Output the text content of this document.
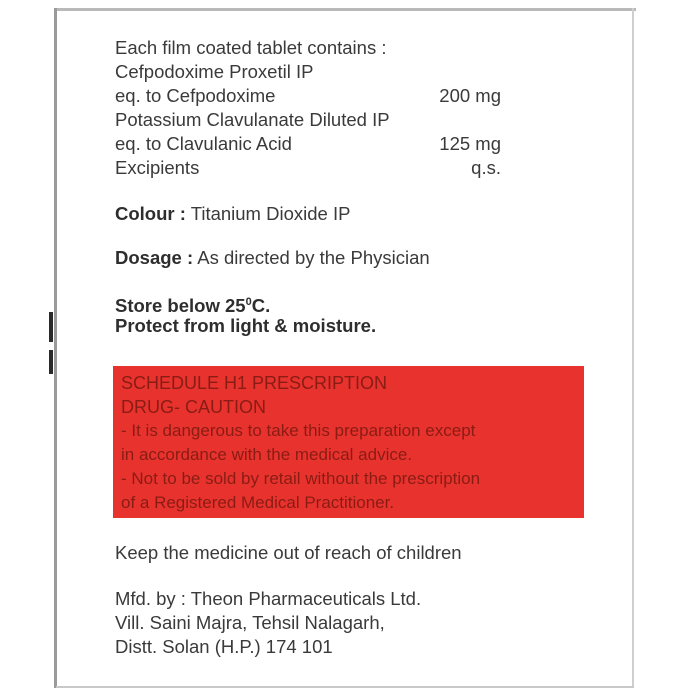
Each film coated tablet contains :
Cefpodoxime Proxetil IP
eq. to Cefpodoxime	200 mg
Potassium Clavulanate Diluted IP
eq. to Clavulanic Acid	125 mg
Excipients	q.s.
Colour : Titanium Dioxide IP
Dosage : As directed by the Physician
Store below $25^0C$.
Protect from light & moisture.
SCHEDULE H1 PRESCRIPTION
DRUG- CAUTION
- It is dangerous to take this preparation except
in accordance with the medical advice.
- Not to be sold by retail without the prescription
of a Registered Medical Practitioner.
Keep the medicine out of reach of children
Mfd. by : Theon Pharmaceuticals Ltd.
Vill. Saini Majra, Tehsil Nalagarh,
Distt. Solan (H.P.) 174 101
